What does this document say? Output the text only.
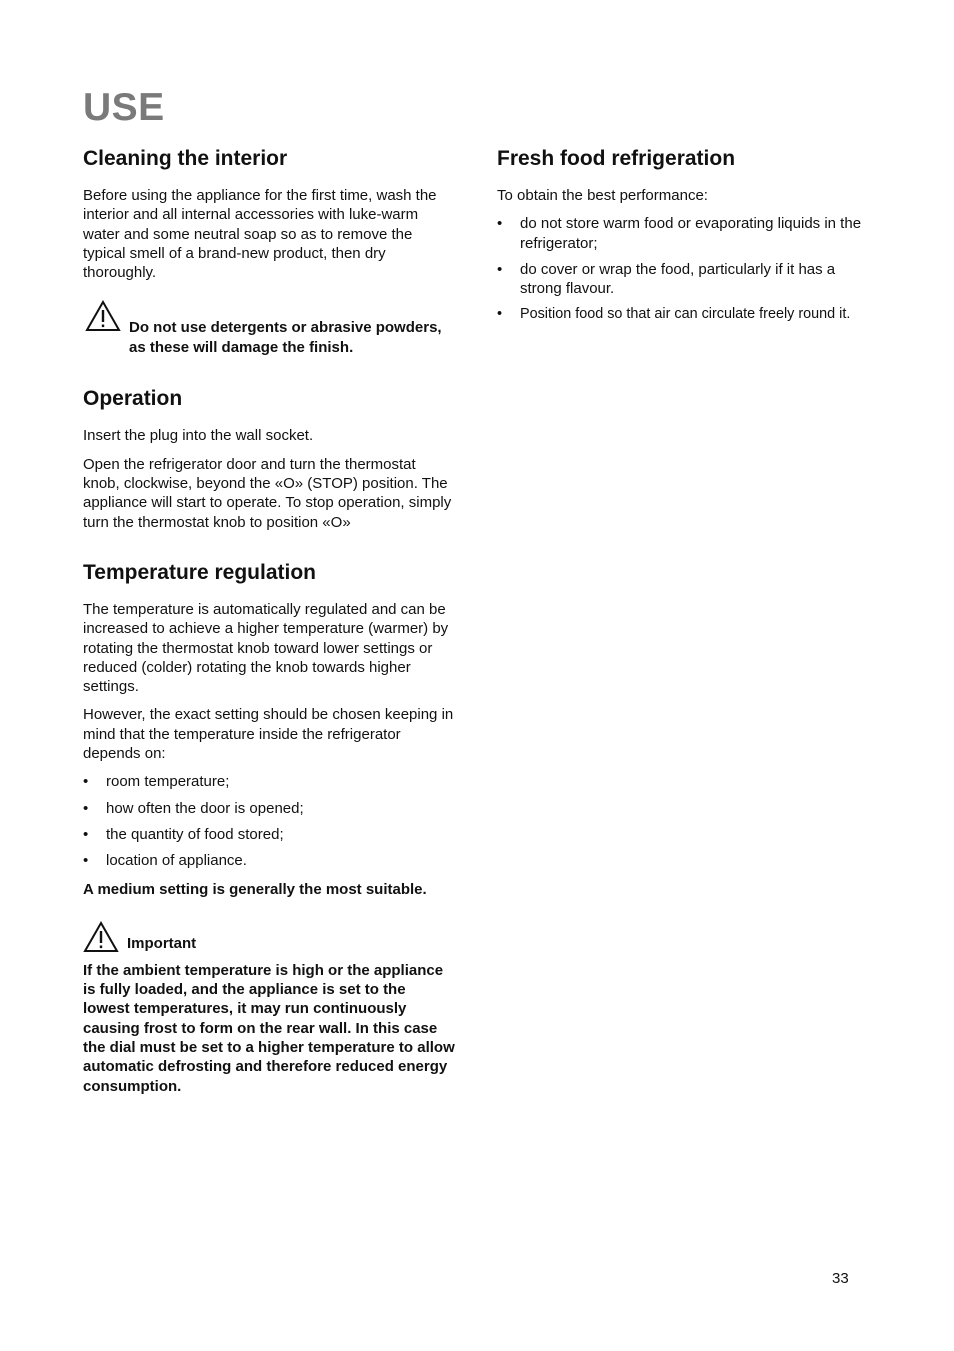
USE
Cleaning the interior

Before using the appliance for the first time, wash the interior and all internal accessories with luke-warm water and some neutral soap so as to remove the typical smell of a brand-new product, then dry thoroughly.

Do not use detergents or abrasive powders, as these will damage the finish.

Operation

Insert the plug into the wall socket.

Open the refrigerator door and turn the thermostat knob, clockwise, beyond the «O» (STOP) position. The appliance will start to operate. To stop operation, simply turn the thermostat knob to position «O»

Temperature regulation

The temperature is automatically regulated and can be increased to achieve a higher temperature (warmer) by rotating the thermostat knob toward lower settings or reduced (colder) rotating the knob towards higher settings.

However, the exact setting should be chosen keeping in mind that the temperature inside the refrigerator depends on:

• room temperature;
• how often the door is opened;
• the quantity of food stored;
• location of appliance.

A medium setting is generally the most suitable.

Important

If the ambient temperature is high or the appliance is fully loaded, and the appliance is set to the lowest temperatures, it may run continuously causing frost to form on the rear wall. In this case the dial must be set to a higher temperature to allow automatic defrosting and therefore reduced energy consumption.

Fresh food refrigeration

To obtain the best performance:

• do not store warm food or evaporating liquids in the refrigerator;
• do cover or wrap the food, particularly if it has a strong flavour.
• Position food so that air can circulate freely round it.
33
